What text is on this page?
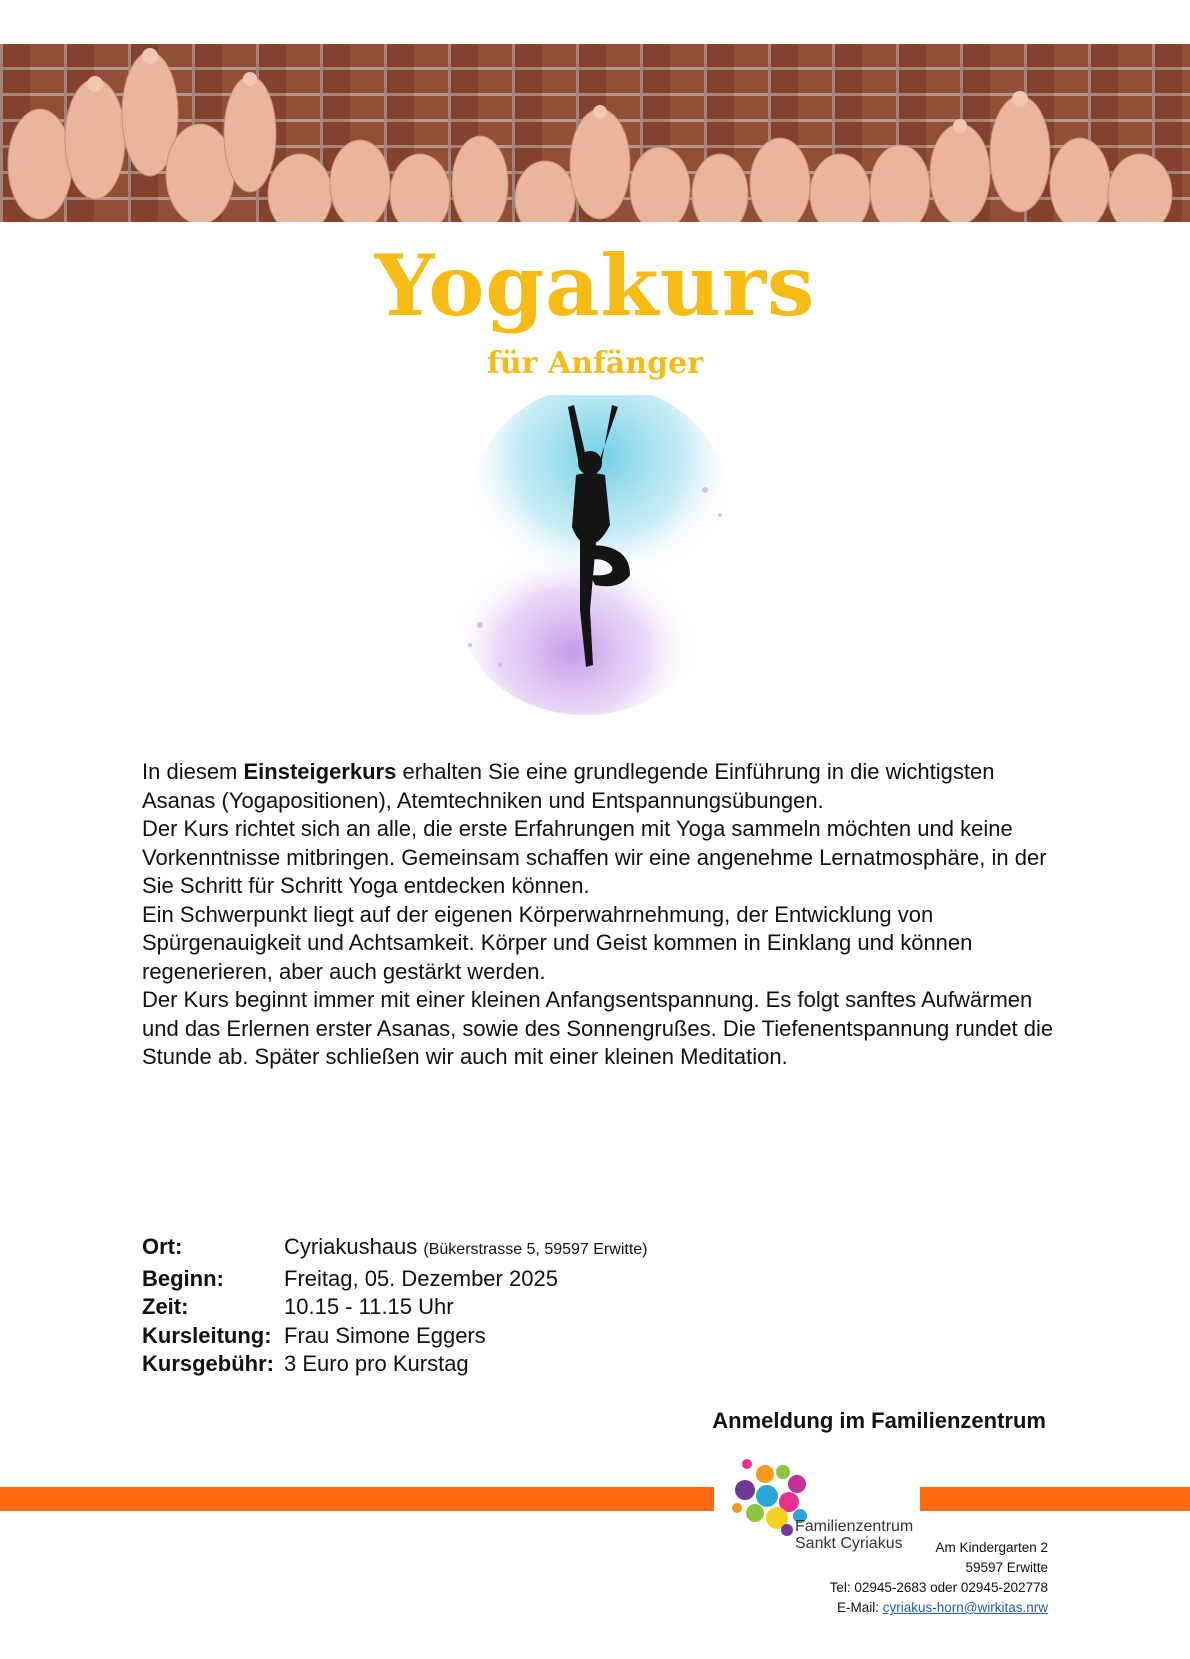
Yogakurs
für Anfänger

In diesem Einsteigerkurs erhalten Sie eine grundlegende Einführung in die wichtigsten Asanas (Yogapositionen), Atemtechniken und Entspannungsübungen.

Der Kurs richtet sich an alle, die erste Erfahrungen mit Yoga sammeln möchten und keine Vorkenntnisse mitbringen. Gemeinsam schaffen wir eine angenehme Lernatmosphäre, in der Sie Schritt für Schritt Yoga entdecken können.

Ein Schwerpunkt liegt auf der eigenen Körperwahrnehmung, der Entwicklung von Spürgenauigkeit und Achtsamkeit. Körper und Geist kommen in Einklang und können regenerieren, aber auch gestärkt werden.

Der Kurs beginnt immer mit einer kleinen Anfangsentspannung. Es folgt sanftes Aufwärmen und das Erlernen erster Asanas, sowie des Sonnengrußes. Die Tiefenentspannung rundet die Stunde ab. Später schließen wir auch mit einer kleinen Meditation.

Ort:	Cyriakushaus (Bükerstrasse 5, 59597 Erwitte)
Beginn:	Freitag, 05. Dezember 2025
Zeit:	10.15 - 11.15 Uhr
Kursleitung:	Frau Simone Eggers
Kursgebühr:	3 Euro pro Kurstag
Anmeldung im Familienzentrum
Familienzentrum
Sankt Cyriakus	Am Kindergarten 2
59597 Erwitte
Tel: 02945-2683 oder 02945-202778
E-Mail: cyriakus-horn@wirkitas.nrw
